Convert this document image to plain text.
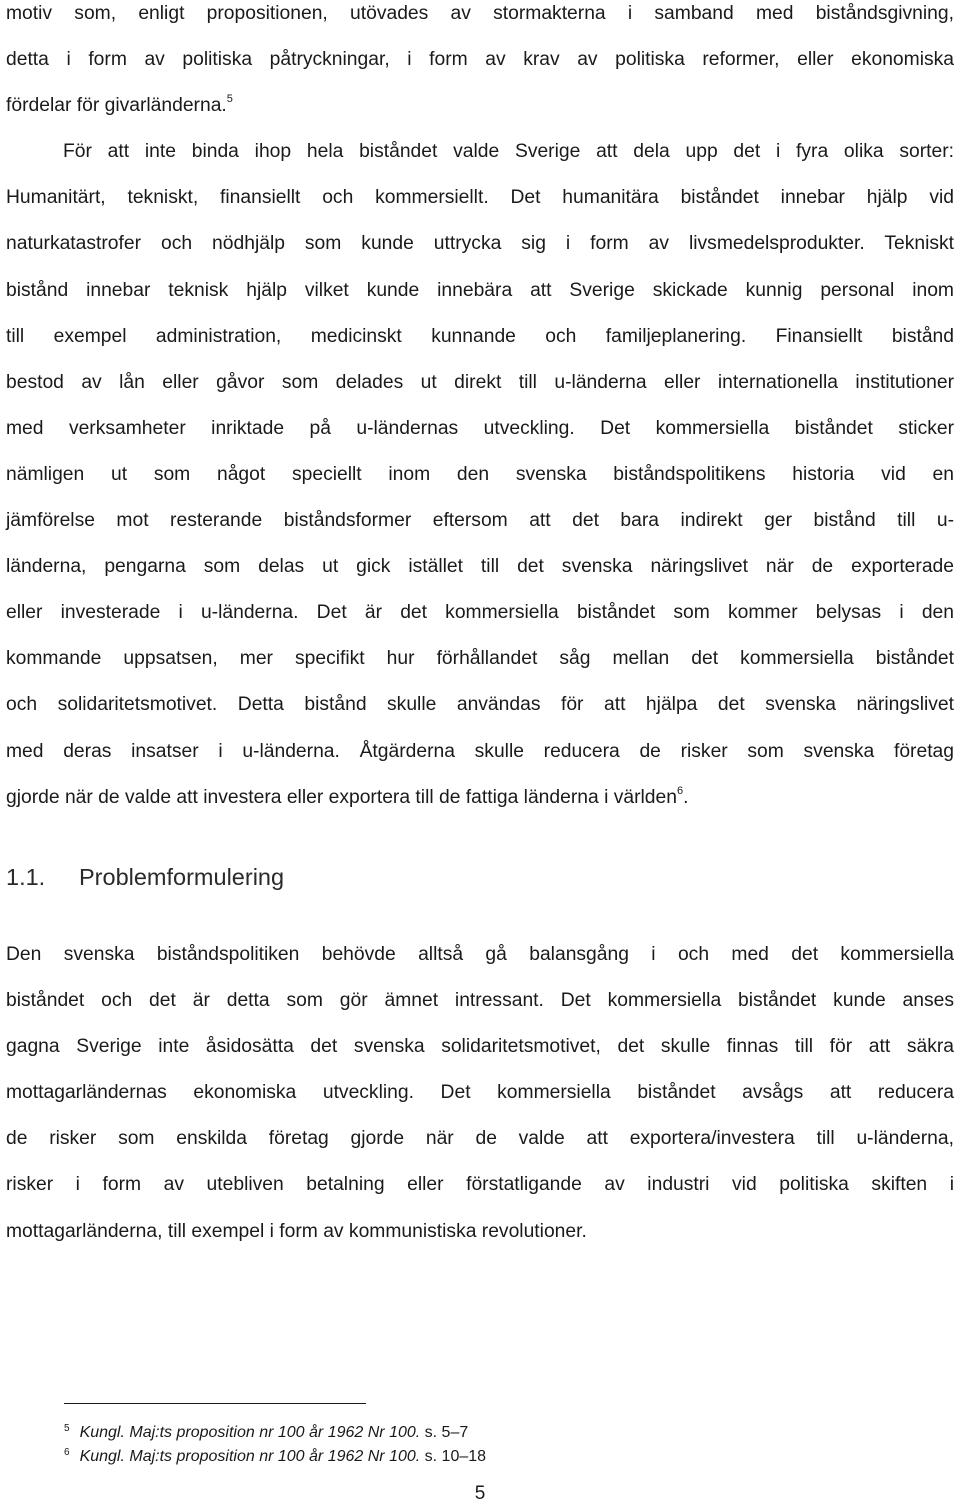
motiv som, enligt propositionen, utövades av stormakterna i samband med biståndsgivning,
detta i form av politiska påtryckningar, i form av krav av politiska reformer, eller ekonomiska
fördelar för givarländerna.$^5$
För att inte binda ihop hela biståndet valde Sverige att dela upp det i fyra olika sorter:
Humanitärt, tekniskt, finansiellt och kommersiellt. Det humanitära biståndet innebar hjälp vid
naturkatastrofer och nödhjälp som kunde uttrycka sig i form av livsmedelsprodukter. Tekniskt
bistånd innebar teknisk hjälp vilket kunde innebära att Sverige skickade kunnig personal inom
till exempel administration, medicinskt kunnande och familjeplanering. Finansiellt bistånd
bestod av lån eller gåvor som delades ut direkt till u-länderna eller internationella institutioner
med verksamheter inriktade på u-ländernas utveckling. Det kommersiella biståndet sticker
nämligen ut som något speciellt inom den svenska biståndspolitikens historia vid en
jämförelse mot resterande biståndsformer eftersom att det bara indirekt ger bistånd till u-
länderna, pengarna som delas ut gick istället till det svenska näringslivet när de exporterade
eller investerade i u-länderna. Det är det kommersiella biståndet som kommer belysas i den
kommande uppsatsen, mer specifikt hur förhållandet såg mellan det kommersiella biståndet
och solidaritetsmotivet. Detta bistånd skulle användas för att hjälpa det svenska näringslivet
med deras insatser i u-länderna. Åtgärderna skulle reducera de risker som svenska företag
gjorde när de valde att investera eller exportera till de fattiga länderna i världen$^6$.
1.1. Problemformulering
Den svenska biståndspolitiken behövde alltså gå balansgång i och med det kommersiella
biståndet och det är detta som gör ämnet intressant. Det kommersiella biståndet kunde anses
gagna Sverige inte åsidosätta det svenska solidaritetsmotivet, det skulle finnas till för att säkra
mottagarländernas ekonomiska utveckling. Det kommersiella biståndet avsågs att reducera
de risker som enskilda företag gjorde när de valde att exportera/investera till u-länderna,
risker i form av utebliven betalning eller förstatligande av industri vid politiska skiften i
mottagarländerna, till exempel i form av kommunistiska revolutioner.
$^5$ Kungl. Maj:ts proposition nr 100 år 1962 Nr 100. s. 5–7
$^6$ Kungl. Maj:ts proposition nr 100 år 1962 Nr 100. s. 10–18
5
